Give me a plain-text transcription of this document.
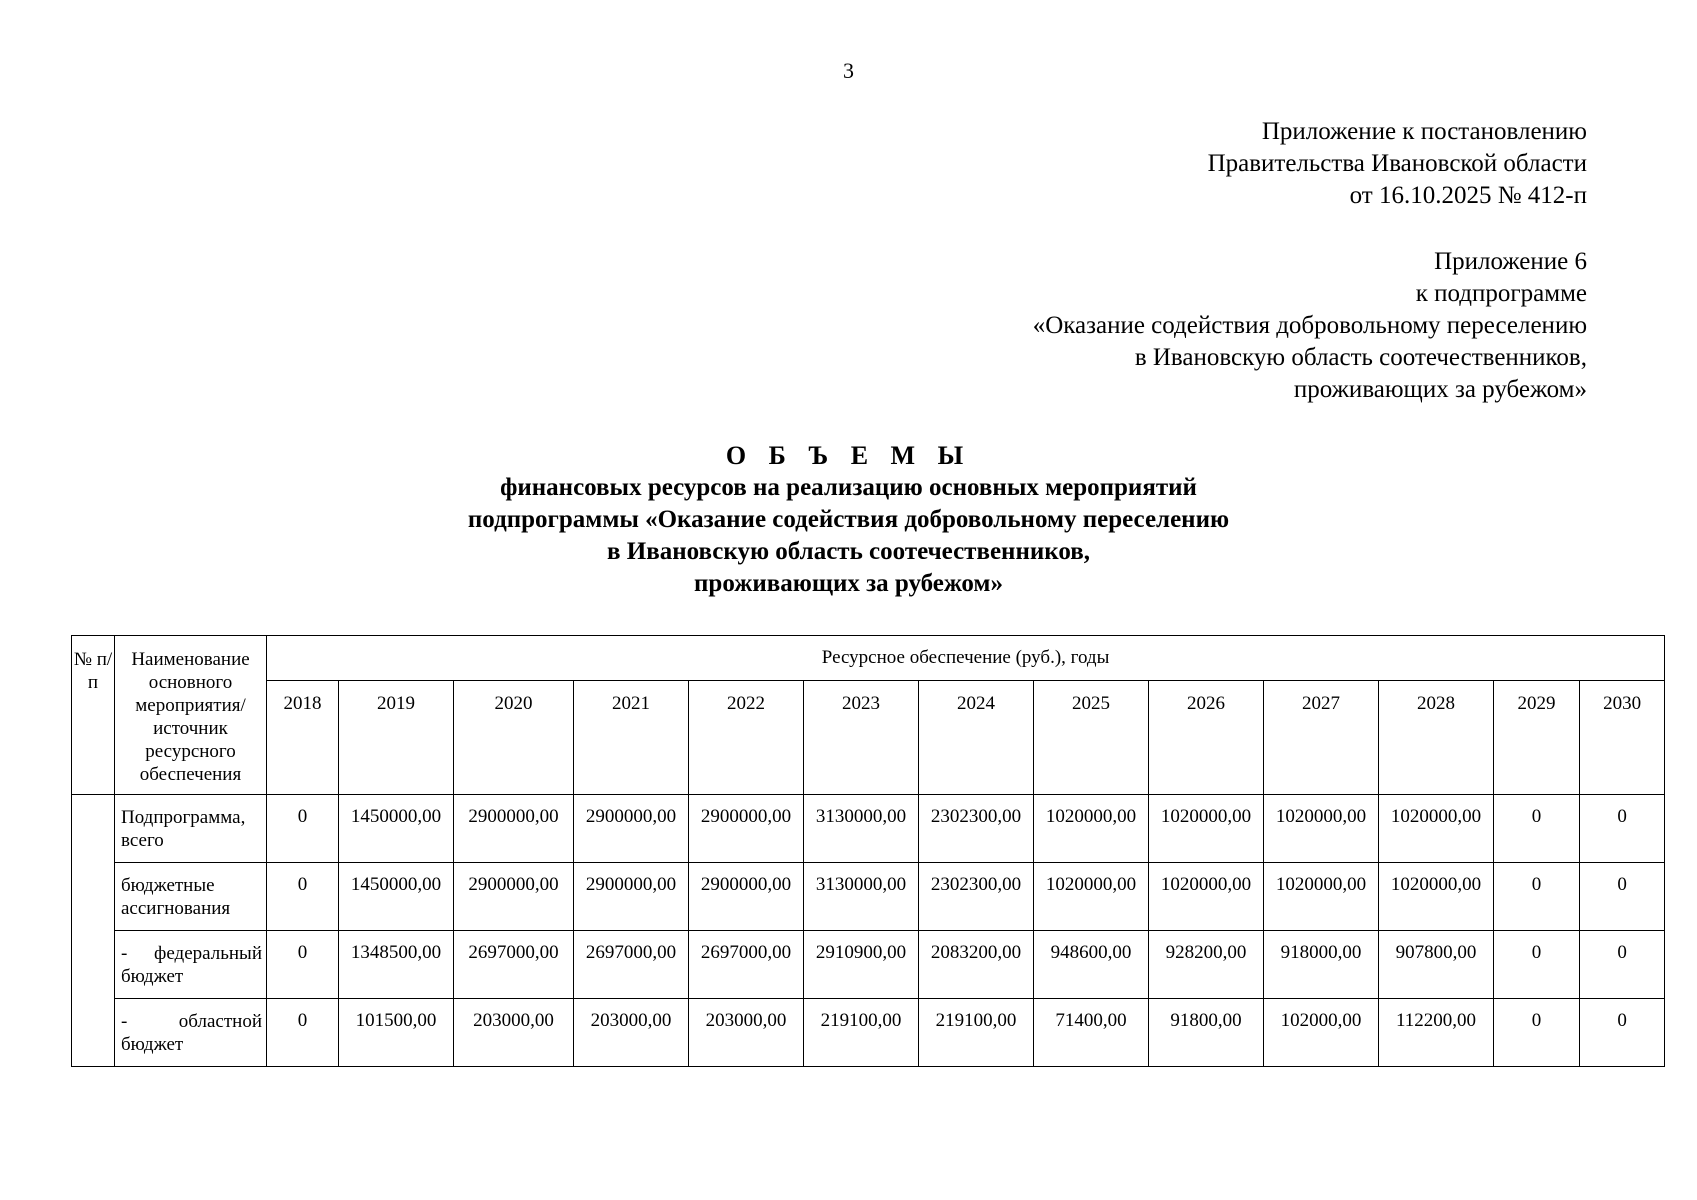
3
Приложение к постановлению
Правительства Ивановской области
от 16.10.2025 № 412-п
Приложение 6
к подпрограмме
«Оказание содействия добровольному переселению
в Ивановскую область соотечественников,
проживающих за рубежом»
О Б Ъ Е М Ы
финансовых ресурсов на реализацию основных мероприятий
подпрограммы «Оказание содействия добровольному переселению
в Ивановскую область соотечественников,
проживающих за рубежом»
№ п/п	Наименование основного мероприятия/ источник ресурсного обеспечения	Ресурсное обеспечение (руб.), годы												
		2018	2019	2020	2021	2022	2023	2024	2025	2026	2027	2028	2029	2030
	Подпрограмма, всего	0	1450000,00	2900000,00	2900000,00	2900000,00	3130000,00	2302300,00	1020000,00	1020000,00	1020000,00	1020000,00	0	0
	бюджетные ассигнования	0	1450000,00	2900000,00	2900000,00	2900000,00	3130000,00	2302300,00	1020000,00	1020000,00	1020000,00	1020000,00	0	0
	- федеральный бюджет	0	1348500,00	2697000,00	2697000,00	2697000,00	2910900,00	2083200,00	948600,00	928200,00	918000,00	907800,00	0	0
	- областной бюджет	0	101500,00	203000,00	203000,00	203000,00	219100,00	219100,00	71400,00	91800,00	102000,00	112200,00	0	0
